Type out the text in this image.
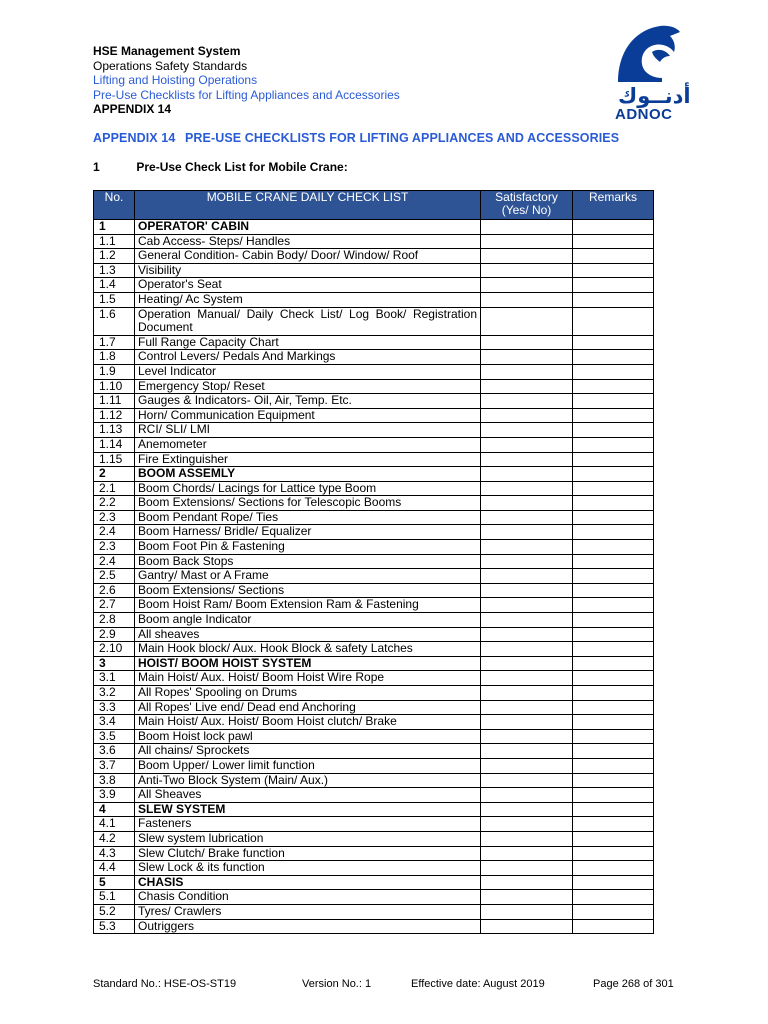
HSE Management System
Operations Safety Standards
Lifting and Hoisting Operations
Pre-Use Checklists for Lifting Appliances and Accessories
APPENDIX 14
أدنــوك
ADNOC
APPENDIX 14 PRE-USE CHECKLISTS FOR LIFTING APPLIANCES AND ACCESSORIES
1	Pre-Use Check List for Mobile Crane:
No.	MOBILE CRANE DAILY CHECK LIST	Satisfactory (Yes/ No)	Remarks
1	OPERATOR' CABIN		
1.1	Cab Access- Steps/ Handles		
1.2	General Condition- Cabin Body/ Door/ Window/ Roof		
1.3	Visibility		
1.4	Operator's Seat		
1.5	Heating/ Ac System		
1.6	Operation Manual/ Daily Check List/ Log Book/ Registration Document		
1.7	Full Range Capacity Chart		
1.8	Control Levers/ Pedals And Markings		
1.9	Level Indicator		
1.10	Emergency Stop/ Reset		
1.11	Gauges & Indicators- Oil, Air, Temp. Etc.		
1.12	Horn/ Communication Equipment		
1.13	RCI/ SLI/ LMI		
1.14	Anemometer		
1.15	Fire Extinguisher		
2	BOOM ASSEMLY		
2.1	Boom Chords/ Lacings for Lattice type Boom		
2.2	Boom Extensions/ Sections for Telescopic Booms		
2.3	Boom Pendant Rope/ Ties		
2.4	Boom Harness/ Bridle/ Equalizer		
2.3	Boom Foot Pin & Fastening		
2.4	Boom Back Stops		
2.5	Gantry/ Mast or A Frame		
2.6	Boom Extensions/ Sections		
2.7	Boom Hoist Ram/ Boom Extension Ram & Fastening		
2.8	Boom angle Indicator		
2.9	All sheaves		
2.10	Main Hook block/ Aux. Hook Block & safety Latches		
3	HOIST/ BOOM HOIST SYSTEM		
3.1	Main Hoist/ Aux. Hoist/ Boom Hoist Wire Rope		
3.2	All Ropes' Spooling on Drums		
3.3	All Ropes' Live end/ Dead end Anchoring		
3.4	Main Hoist/ Aux. Hoist/ Boom Hoist clutch/ Brake		
3.5	Boom Hoist lock pawl		
3.6	All chains/ Sprockets		
3.7	Boom Upper/ Lower limit function		
3.8	Anti-Two Block System (Main/ Aux.)		
3.9	All Sheaves		
4	SLEW SYSTEM		
4.1	Fasteners		
4.2	Slew system lubrication		
4.3	Slew Clutch/ Brake function		
4.4	Slew Lock & its function		
5	CHASIS		
5.1	Chasis Condition		
5.2	Tyres/ Crawlers		
5.3	Outriggers		
Standard No.: HSE-OS-ST19	Version No.: 1	Effective date: August 2019	Page 268 of 301
